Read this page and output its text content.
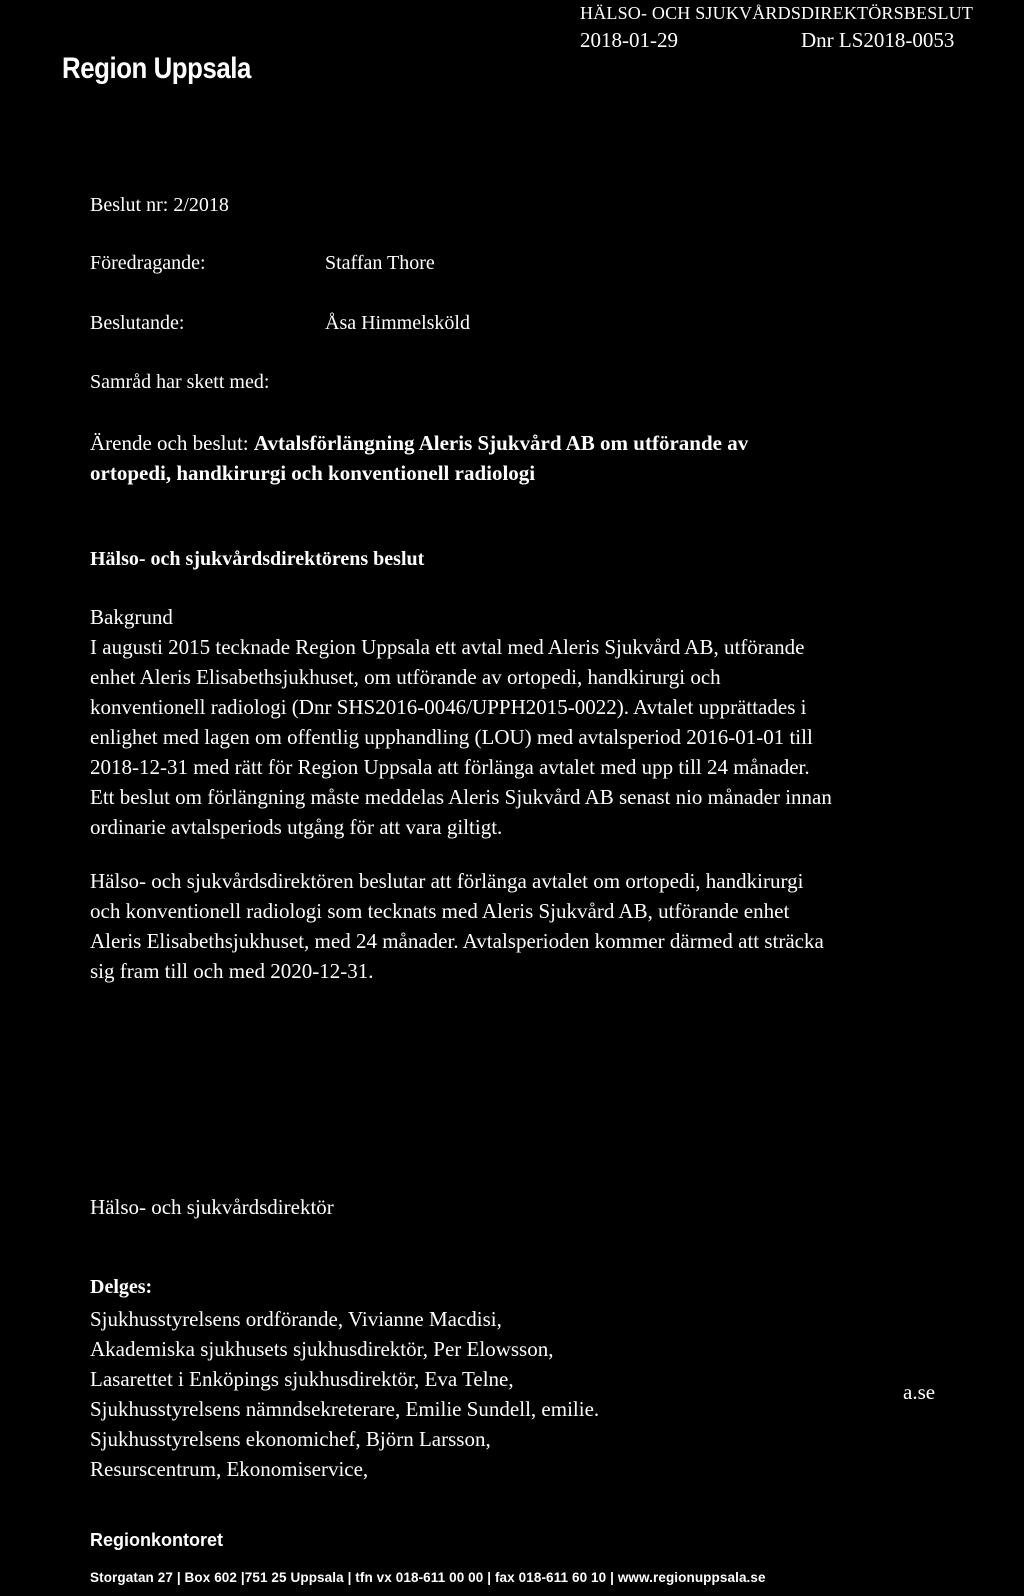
Region Uppsala
HÄLSO- OCH SJUKVÅRDSDIREKTÖRSBESLUT
2018-01-29	Dnr LS2018-0053
Beslut nr: 2/2018
Föredragande:	Staffan Thore
Beslutande:	Åsa Himmelsköld
Samråd har skett med:
Ärende och beslut: Avtalsförlängning Aleris Sjukvård AB om utförande av
ortopedi, handkirurgi och konventionell radiologi
Hälso- och sjukvårdsdirektörens beslut
Bakgrund
I augusti 2015 tecknade Region Uppsala ett avtal med Aleris Sjukvård AB, utförande
enhet Aleris Elisabethsjukhuset, om utförande av ortopedi, handkirurgi och
konventionell radiologi (Dnr SHS2016-0046/UPPH2015-0022). Avtalet upprättades i
enlighet med lagen om offentlig upphandling (LOU) med avtalsperiod 2016-01-01 till
2018-12-31 med rätt för Region Uppsala att förlänga avtalet med upp till 24 månader.
Ett beslut om förlängning måste meddelas Aleris Sjukvård AB senast nio månader innan
ordinarie avtalsperiods utgång för att vara giltigt.
Hälso- och sjukvårdsdirektören beslutar att förlänga avtalet om ortopedi, handkirurgi
och konventionell radiologi som tecknats med Aleris Sjukvård AB, utförande enhet
Aleris Elisabethsjukhuset, med 24 månader. Avtalsperioden kommer därmed att sträcka
sig fram till och med 2020-12-31.
Hälso- och sjukvårdsdirektör
Delges:
Sjukhusstyrelsens ordförande, Vivianne Macdisi,
Akademiska sjukhusets sjukhusdirektör, Per Elowsson,
Lasarettet i Enköpings sjukhusdirektör, Eva Telne,
Sjukhusstyrelsens nämndsekreterare, Emilie Sundell, emilie.
Sjukhusstyrelsens ekonomichef, Björn Larsson,
Resurscentrum, Ekonomiservice,
a.se
Regionkontoret
Storgatan 27 | Box 602 |751 25 Uppsala | tfn vx 018-611 00 00 | fax 018-611 60 10 | www.regionuppsala.se
